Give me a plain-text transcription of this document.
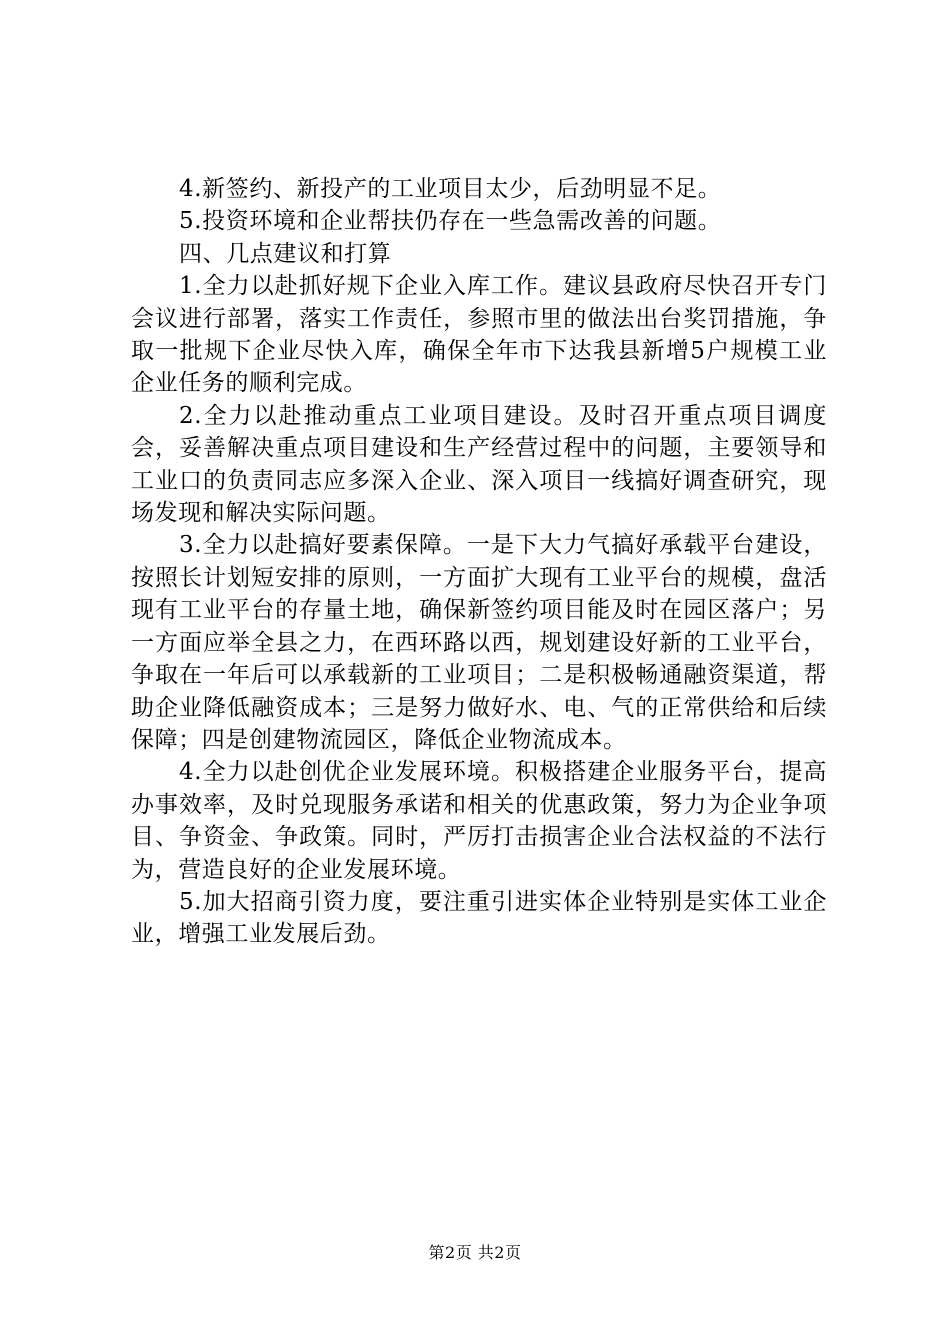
4.新签约、新投产的工业项目太少，后劲明显不足。

5.投资环境和企业帮扶仍存在一些急需改善的问题。

四、几点建议和打算

1.全力以赴抓好规下企业入库工作。建议县政府尽快召开专门会议进行部署，落实工作责任，参照市里的做法出台奖罚措施，争取一批规下企业尽快入库，确保全年市下达我县新增5户规模工业企业任务的顺利完成。

2.全力以赴推动重点工业项目建设。及时召开重点项目调度会，妥善解决重点项目建设和生产经营过程中的问题，主要领导和工业口的负责同志应多深入企业、深入项目一线搞好调查研究，现场发现和解决实际问题。

3.全力以赴搞好要素保障。一是下大力气搞好承载平台建设，按照长计划短安排的原则，一方面扩大现有工业平台的规模，盘活现有工业平台的存量土地，确保新签约项目能及时在园区落户；另一方面应举全县之力，在西环路以西，规划建设好新的工业平台，争取在一年后可以承载新的工业项目；二是积极畅通融资渠道，帮助企业降低融资成本；三是努力做好水、电、气的正常供给和后续保障；四是创建物流园区，降低企业物流成本。

4.全力以赴创优企业发展环境。积极搭建企业服务平台，提高办事效率，及时兑现服务承诺和相关的优惠政策，努力为企业争项目、争资金、争政策。同时，严厉打击损害企业合法权益的不法行为，营造良好的企业发展环境。

5.加大招商引资力度，要注重引进实体企业特别是实体工业企业，增强工业发展后劲。

第2页 共2页
